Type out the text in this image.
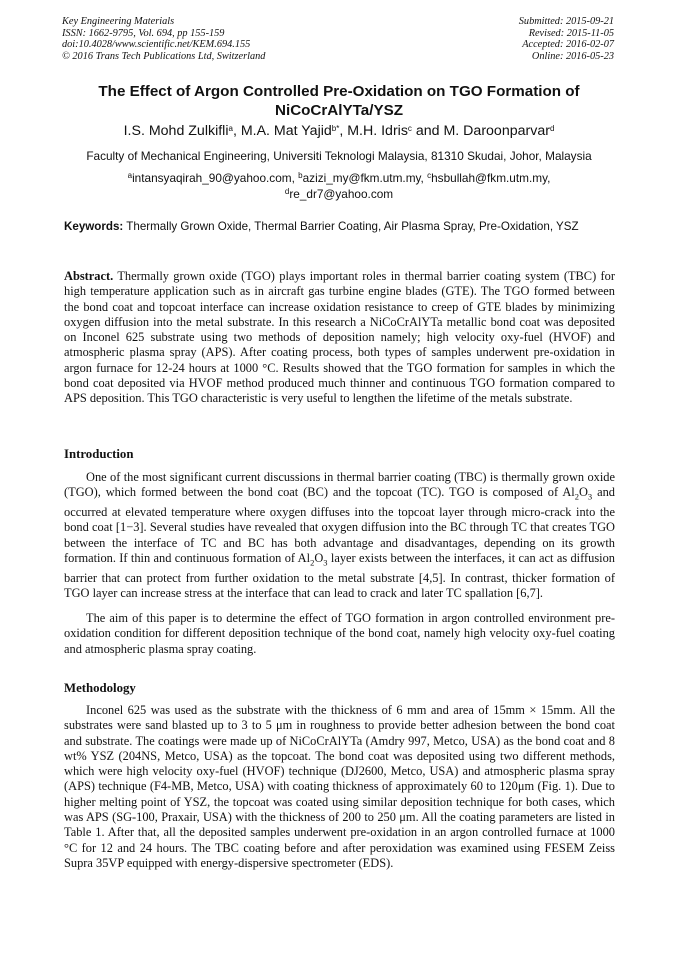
Key Engineering Materials
ISSN: 1662-9795, Vol. 694, pp 155-159
doi:10.4028/www.scientific.net/KEM.694.155
© 2016 Trans Tech Publications Ltd, Switzerland
Submitted: 2015-09-21
Revised: 2015-11-05
Accepted: 2016-02-07
Online: 2016-05-23
The Effect of Argon Controlled Pre-Oxidation on TGO Formation of
NiCoCrAlYTa/YSZ
I.S. Mohd Zulkifli$^a$, M.A. Mat Yajid$^{b*}$, M.H. Idris$^c$ and M. Daroonparvar$^d$
Faculty of Mechanical Engineering, Universiti Teknologi Malaysia, 81310 Skudai, Johor, Malaysia
$^a$intansyaqirah_90@yahoo.com, $^b$azizi_my@fkm.utm.my, $^c$hsbullah@fkm.utm.my,
$^d$re_dr7@yahoo.com
Keywords: Thermally Grown Oxide, Thermal Barrier Coating, Air Plasma Spray, Pre-Oxidation, YSZ
Abstract. Thermally grown oxide (TGO) plays important roles in thermal barrier coating system (TBC) for high temperature application such as in aircraft gas turbine engine blades (GTE). The TGO formed between the bond coat and topcoat interface can increase oxidation resistance to creep of GTE blades by minimizing oxygen diffusion into the metal substrate. In this research a NiCoCrAlYTa metallic bond coat was deposited on Inconel 625 substrate using two methods of deposition namely; high velocity oxy-fuel (HVOF) and atmospheric plasma spray (APS). After coating process, both types of samples underwent pre-oxidation in argon furnace for 12-24 hours at 1000 °C. Results showed that the TGO formation for samples in which the bond coat deposited via HVOF method produced much thinner and continuous TGO formation compared to APS deposition. This TGO characteristic is very useful to lengthen the lifetime of the metals substrate.
Introduction

One of the most significant current discussions in thermal barrier coating (TBC) is thermally grown oxide (TGO), which formed between the bond coat (BC) and the topcoat (TC). TGO is composed of $Al_2O_3$ and occurred at elevated temperature where oxygen diffuses into the topcoat layer through micro-crack into the bond coat [1−3]. Several studies have revealed that oxygen diffusion into the BC through TC that creates TGO between the interface of TC and BC has both advantage and disadvantages, depending on its growth formation. If thin and continuous formation of $Al_2O_3$ layer exists between the interfaces, it can act as diffusion barrier that can protect from further oxidation to the metal substrate [4,5]. In contrast, thicker formation of TGO layer can increase stress at the interface that can lead to crack and later TC spallation [6,7].

The aim of this paper is to determine the effect of TGO formation in argon controlled environment pre-oxidation condition for different deposition technique of the bond coat, namely high velocity oxy-fuel coating and atmospheric plasma spray coating.

Methodology

Inconel 625 was used as the substrate with the thickness of 6 mm and area of 15mm × 15mm. All the substrates were sand blasted up to 3 to 5 μm in roughness to provide better adhesion between the bond coat and substrate. The coatings were made up of NiCoCrAlYTa (Amdry 997, Metco, USA) as the bond coat and 8 wt% YSZ (204NS, Metco, USA) as the topcoat. The bond coat was deposited using two different methods, which were high velocity oxy-fuel (HVOF) technique (DJ2600, Metco, USA) and atmospheric plasma spray (APS) technique (F4-MB, Metco, USA) with coating thickness of approximately 60 to 120μm (Fig. 1). Due to higher melting point of YSZ, the topcoat was coated using similar deposition technique for both cases, which was APS (SG-100, Praxair, USA) with the thickness of 200 to 250 μm. All the coating parameters are listed in Table 1. After that, all the deposited samples underwent pre-oxidation in an argon controlled furnace at 1000 °C for 12 and 24 hours. The TBC coating before and after peroxidation was examined using FESEM Zeiss Supra 35VP equipped with energy-dispersive spectrometer (EDS).
